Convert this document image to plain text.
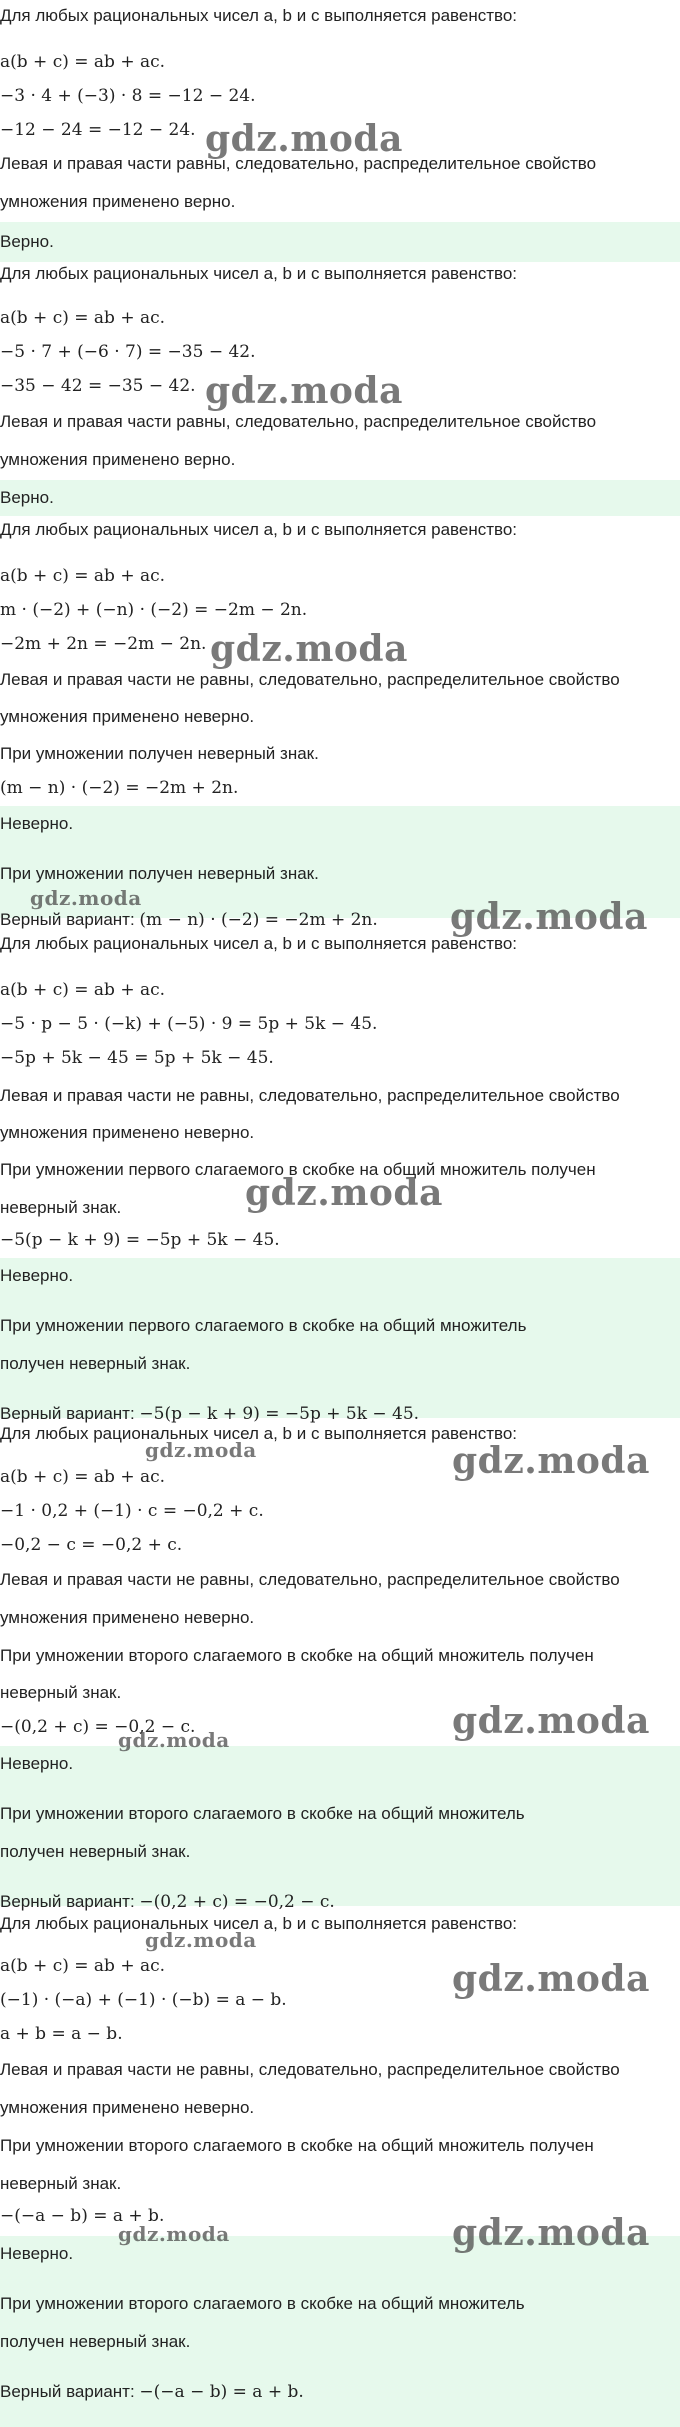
Для любых рациональных чисел a, b и c выполняется равенство:
a(b + c) = ab + ac.
−3 · 4 + (−3) · 8 = −12 − 24.
−12 − 24 = −12 − 24.
Левая и правая части равны, следовательно, распределительное свойство
умножения применено верно.
Верно.
Для любых рациональных чисел a, b и c выполняется равенство:
a(b + c) = ab + ac.
−5 · 7 + (−6 · 7) = −35 − 42.
−35 − 42 = −35 − 42.
Левая и правая части равны, следовательно, распределительное свойство
умножения применено верно.
Верно.
Для любых рациональных чисел a, b и c выполняется равенство:
a(b + c) = ab + ac.
m · (−2) + (−n) · (−2) = −2m − 2n.
−2m + 2n = −2m − 2n.
Левая и правая части не равны, следовательно, распределительное свойство
умножения применено неверно.
При умножении получен неверный знак.
(m − n) · (−2) = −2m + 2n.
Неверно.
При умножении получен неверный знак.
Верный вариант: (m − n) · (−2) = −2m + 2n.
Для любых рациональных чисел a, b и c выполняется равенство:
a(b + c) = ab + ac.
−5 · p − 5 · (−k) + (−5) · 9 = 5p + 5k − 45.
−5p + 5k − 45 = 5p + 5k − 45.
Левая и правая части не равны, следовательно, распределительное свойство
умножения применено неверно.
При умножении первого слагаемого в скобке на общий множитель получен
неверный знак.
−5(p − k + 9) = −5p + 5k − 45.
Неверно.
При умножении первого слагаемого в скобке на общий множитель
получен неверный знак.
Верный вариант: −5(p − k + 9) = −5p + 5k − 45.
Для любых рациональных чисел a, b и c выполняется равенство:
a(b + c) = ab + ac.
−1 · 0,2 + (−1) · c = −0,2 + c.
−0,2 − c = −0,2 + c.
Левая и правая части не равны, следовательно, распределительное свойство
умножения применено неверно.
При умножении второго слагаемого в скобке на общий множитель получен
неверный знак.
−(0,2 + c) = −0,2 − c.
Неверно.
При умножении второго слагаемого в скобке на общий множитель
получен неверный знак.
Верный вариант: −(0,2 + c) = −0,2 − c.
Для любых рациональных чисел a, b и c выполняется равенство:
a(b + c) = ab + ac.
(−1) · (−a) + (−1) · (−b) = a − b.
a + b = a − b.
Левая и правая части не равны, следовательно, распределительное свойство
умножения применено неверно.
При умножении второго слагаемого в скобке на общий множитель получен
неверный знак.
−(−a − b) = a + b.
Неверно.
При умножении второго слагаемого в скобке на общий множитель
получен неверный знак.
Верный вариант: −(−a − b) = a + b.
gdz.moda
gdz.moda
gdz.moda
gdz.moda	gdz.moda
gdz.moda
gdz.moda	gdz.moda
gdz.moda
gdz.moda
gdz.moda
gdz.moda
gdz.moda	gdz.moda
